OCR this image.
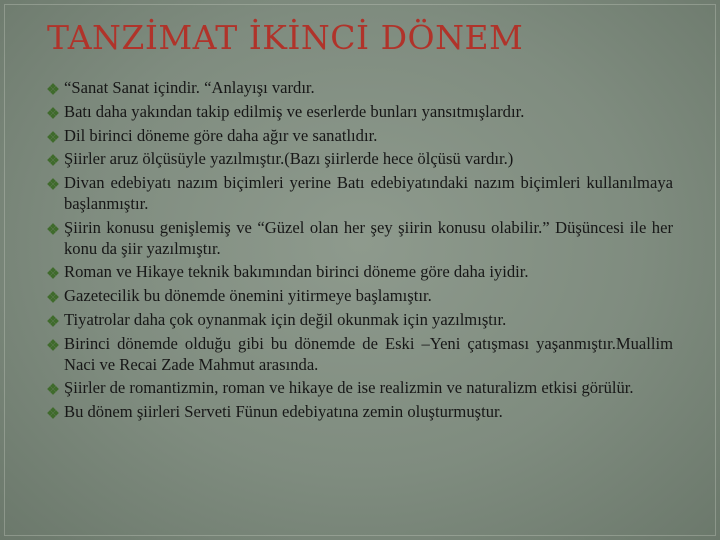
TANZİMAT İKİNCİ DÖNEM
“Sanat Sanat içindir. “Anlayışı vardır.
Batı daha yakından takip edilmiş ve eserlerde bunları yansıtmışlardır.
Dil birinci döneme göre daha ağır ve sanatlıdır.
Şiirler aruz ölçüsüyle yazılmıştır.(Bazı şiirlerde hece ölçüsü vardır.)
Divan edebiyatı nazım biçimleri yerine Batı edebiyatındaki nazım biçimleri kullanılmaya başlanmıştır.
Şiirin konusu genişlemiş ve “Güzel olan her şey şiirin konusu olabilir.” Düşüncesi ile her konu da şiir yazılmıştır.
Roman ve Hikaye teknik bakımından birinci döneme göre daha iyidir.
Gazetecilik bu dönemde önemini yitirmeye başlamıştır.
Tiyatrolar daha çok oynanmak için değil okunmak için yazılmıştır.
Birinci dönemde olduğu gibi bu dönemde de Eski –Yeni çatışması yaşanmıştır.Muallim Naci ve Recai Zade Mahmut arasında.
Şiirler de romantizmin, roman ve hikaye de ise realizmin ve naturalizm etkisi görülür.
Bu dönem şiirleri Serveti Fünun edebiyatına zemin oluşturmuştur.
